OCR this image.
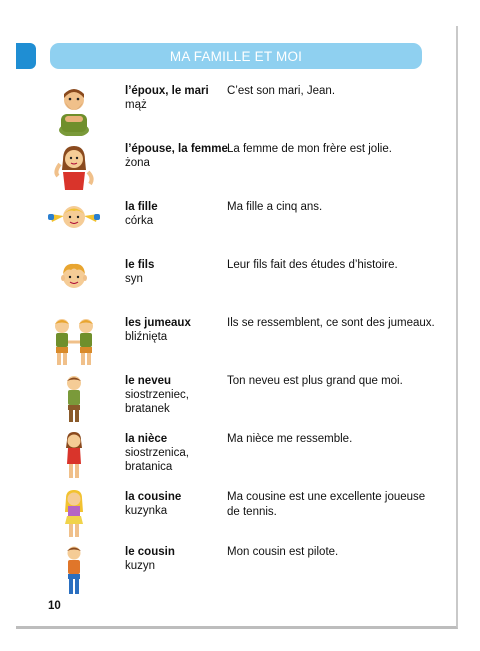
MA FAMILLE ET MOI
l’époux, le mari
mąż
C’est son mari, Jean.
l’épouse, la femme
żona
La femme de mon frère est jolie.
la fille
córka
Ma fille a cinq ans.
le fils
syn
Leur fils fait des études d’histoire.
les jumeaux
bliźnięta
Ils se ressemblent, ce sont des jumeaux.
le neveu
siostrzeniec, bratanek
Ton neveu est plus grand que moi.
la nièce
siostrzenica, bratanica
Ma nièce me ressemble.
la cousine
kuzynka
Ma cousine est une excellente joueuse de tennis.
le cousin
kuzyn
Mon cousin est pilote.
10
